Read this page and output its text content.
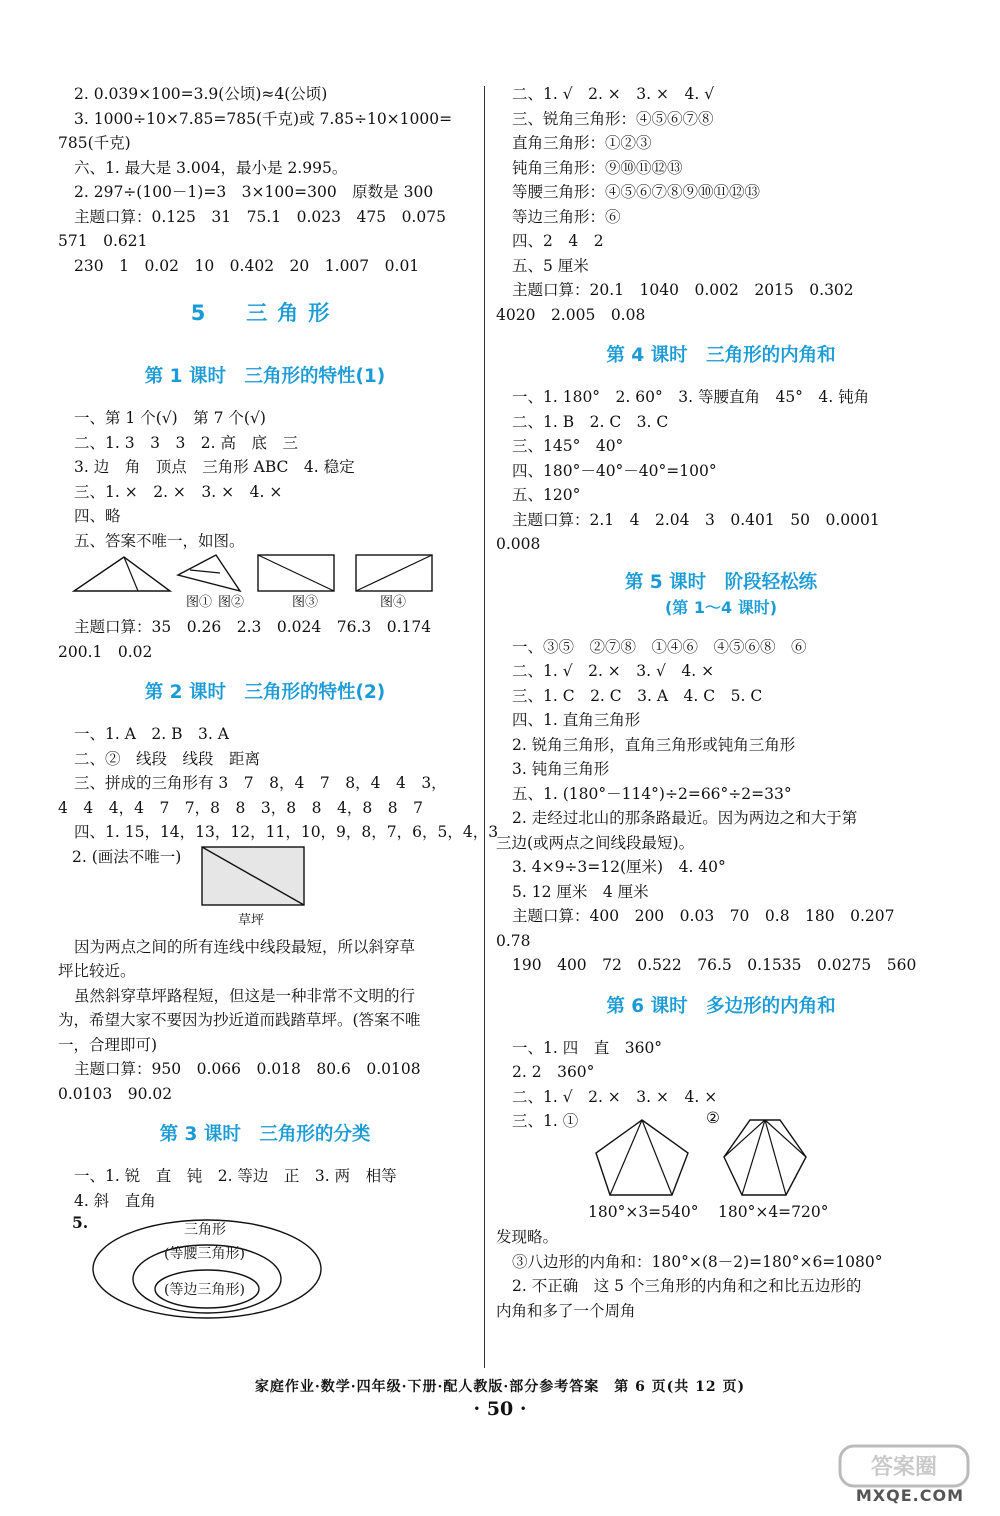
2. 0.039×100=3.9(公顷)≈4(公顷)
3. 1000÷10×7.85=785(千克)或 7.85÷10×1000=
785(千克)
六、1. 最大是 3.004，最小是 2.995。
2. 297÷(100－1)=3　3×100=300　原数是 300
主题口算：0.125　31　75.1　0.023　475　0.075
571　0.621
230　1　0.02　10　0.402　20　1.007　0.01
5　三角形
第 1 课时　三角形的特性(1)
一、第 1 个(√)　第 7 个(√)
二、1. 3　3　3　2. 高　底　三
3. 边　角　顶点　三角形 ABC　4. 稳定
三、1. ×　2. ×　3. ×　4. ×
四、略
五、答案不唯一，如图。
图① 图②	图③	图④
主题口算：35　0.26　2.3　0.024　76.3　0.174
200.1　0.02
第 2 课时　三角形的特性(2)
一、1. A　2. B　3. A
二、②　线段　线段　距离
三、拼成的三角形有 3　7　8，4　7　8，4　4　3，
4　4　4，4　7　7，8　8　3，8　8　4，8　8　7
四、1. 15，14，13，12，11，10，9，8，7，6，5，4，3
2. (画法不唯一)
草坪
因为两点之间的所有连线中线段最短，所以斜穿草
坪比较近。
虽然斜穿草坪路程短，但这是一种非常不文明的行
为，希望大家不要因为抄近道而践踏草坪。(答案不唯
一，合理即可)
主题口算：950　0.066　0.018　80.6　0.0108
0.0103　90.02
第 3 课时　三角形的分类
一、1. 锐　直　钝　2. 等边　正　3. 两　相等
4. 斜　直角
5.	三角形
(等腰三角形)
(等边三角形)
二、1. √　2. ×　3. ×　4. √
三、锐角三角形：④⑤⑥⑦⑧
直角三角形：①②③
钝角三角形：⑨⑩⑪⑫⑬
等腰三角形：④⑤⑥⑦⑧⑨⑩⑪⑫⑬
等边三角形：⑥
四、2　4　2
五、5 厘米
主题口算：20.1　1040　0.002　2015　0.302
4020　2.005　0.08
第 4 课时　三角形的内角和
一、1. 180°　2. 60°　3. 等腰直角　45°　4. 钝角
二、1. B　2. C　3. C
三、145°　40°
四、180°－40°－40°=100°
五、120°
主题口算：2.1　4　2.04　3　0.401　50　0.0001
0.008
第 5 课时　阶段轻松练
(第 1～4 课时)
一、③⑤　②⑦⑧　①④⑥　④⑤⑥⑧　⑥
二、1. √　2. ×　3. √　4. ×
三、1. C　2. C　3. A　4. C　5. C
四、1. 直角三角形
2. 锐角三角形，直角三角形或钝角三角形
3. 钝角三角形
五、1. (180°－114°)÷2=66°÷2=33°
2. 走经过北山的那条路最近。因为两边之和大于第
三边(或两点之间线段最短)。
3. 4×9÷3=12(厘米)　4. 40°
5. 12 厘米　4 厘米
主题口算：400　200　0.03　70　0.8　180　0.207
0.78
190　400　72　0.522　76.5　0.1535　0.0275　560
第 6 课时　多边形的内角和
一、1. 四　直　360°
2. 2　360°
二、1. √　2. ×　3. ×　4. ×
三、1. ①	②
180°×3=540° 180°×4=720°
发现略。
③八边形的内角和：180°×(8－2)=180°×6=1080°
2. 不正确　这 5 个三角形的内角和之和比五边形的
内角和多了一个周角
家庭作业·数学·四年级·下册·配人教版·部分参考答案　第 6 页(共 12 页)
· 50 ·
答案圈
MXQE.COM
